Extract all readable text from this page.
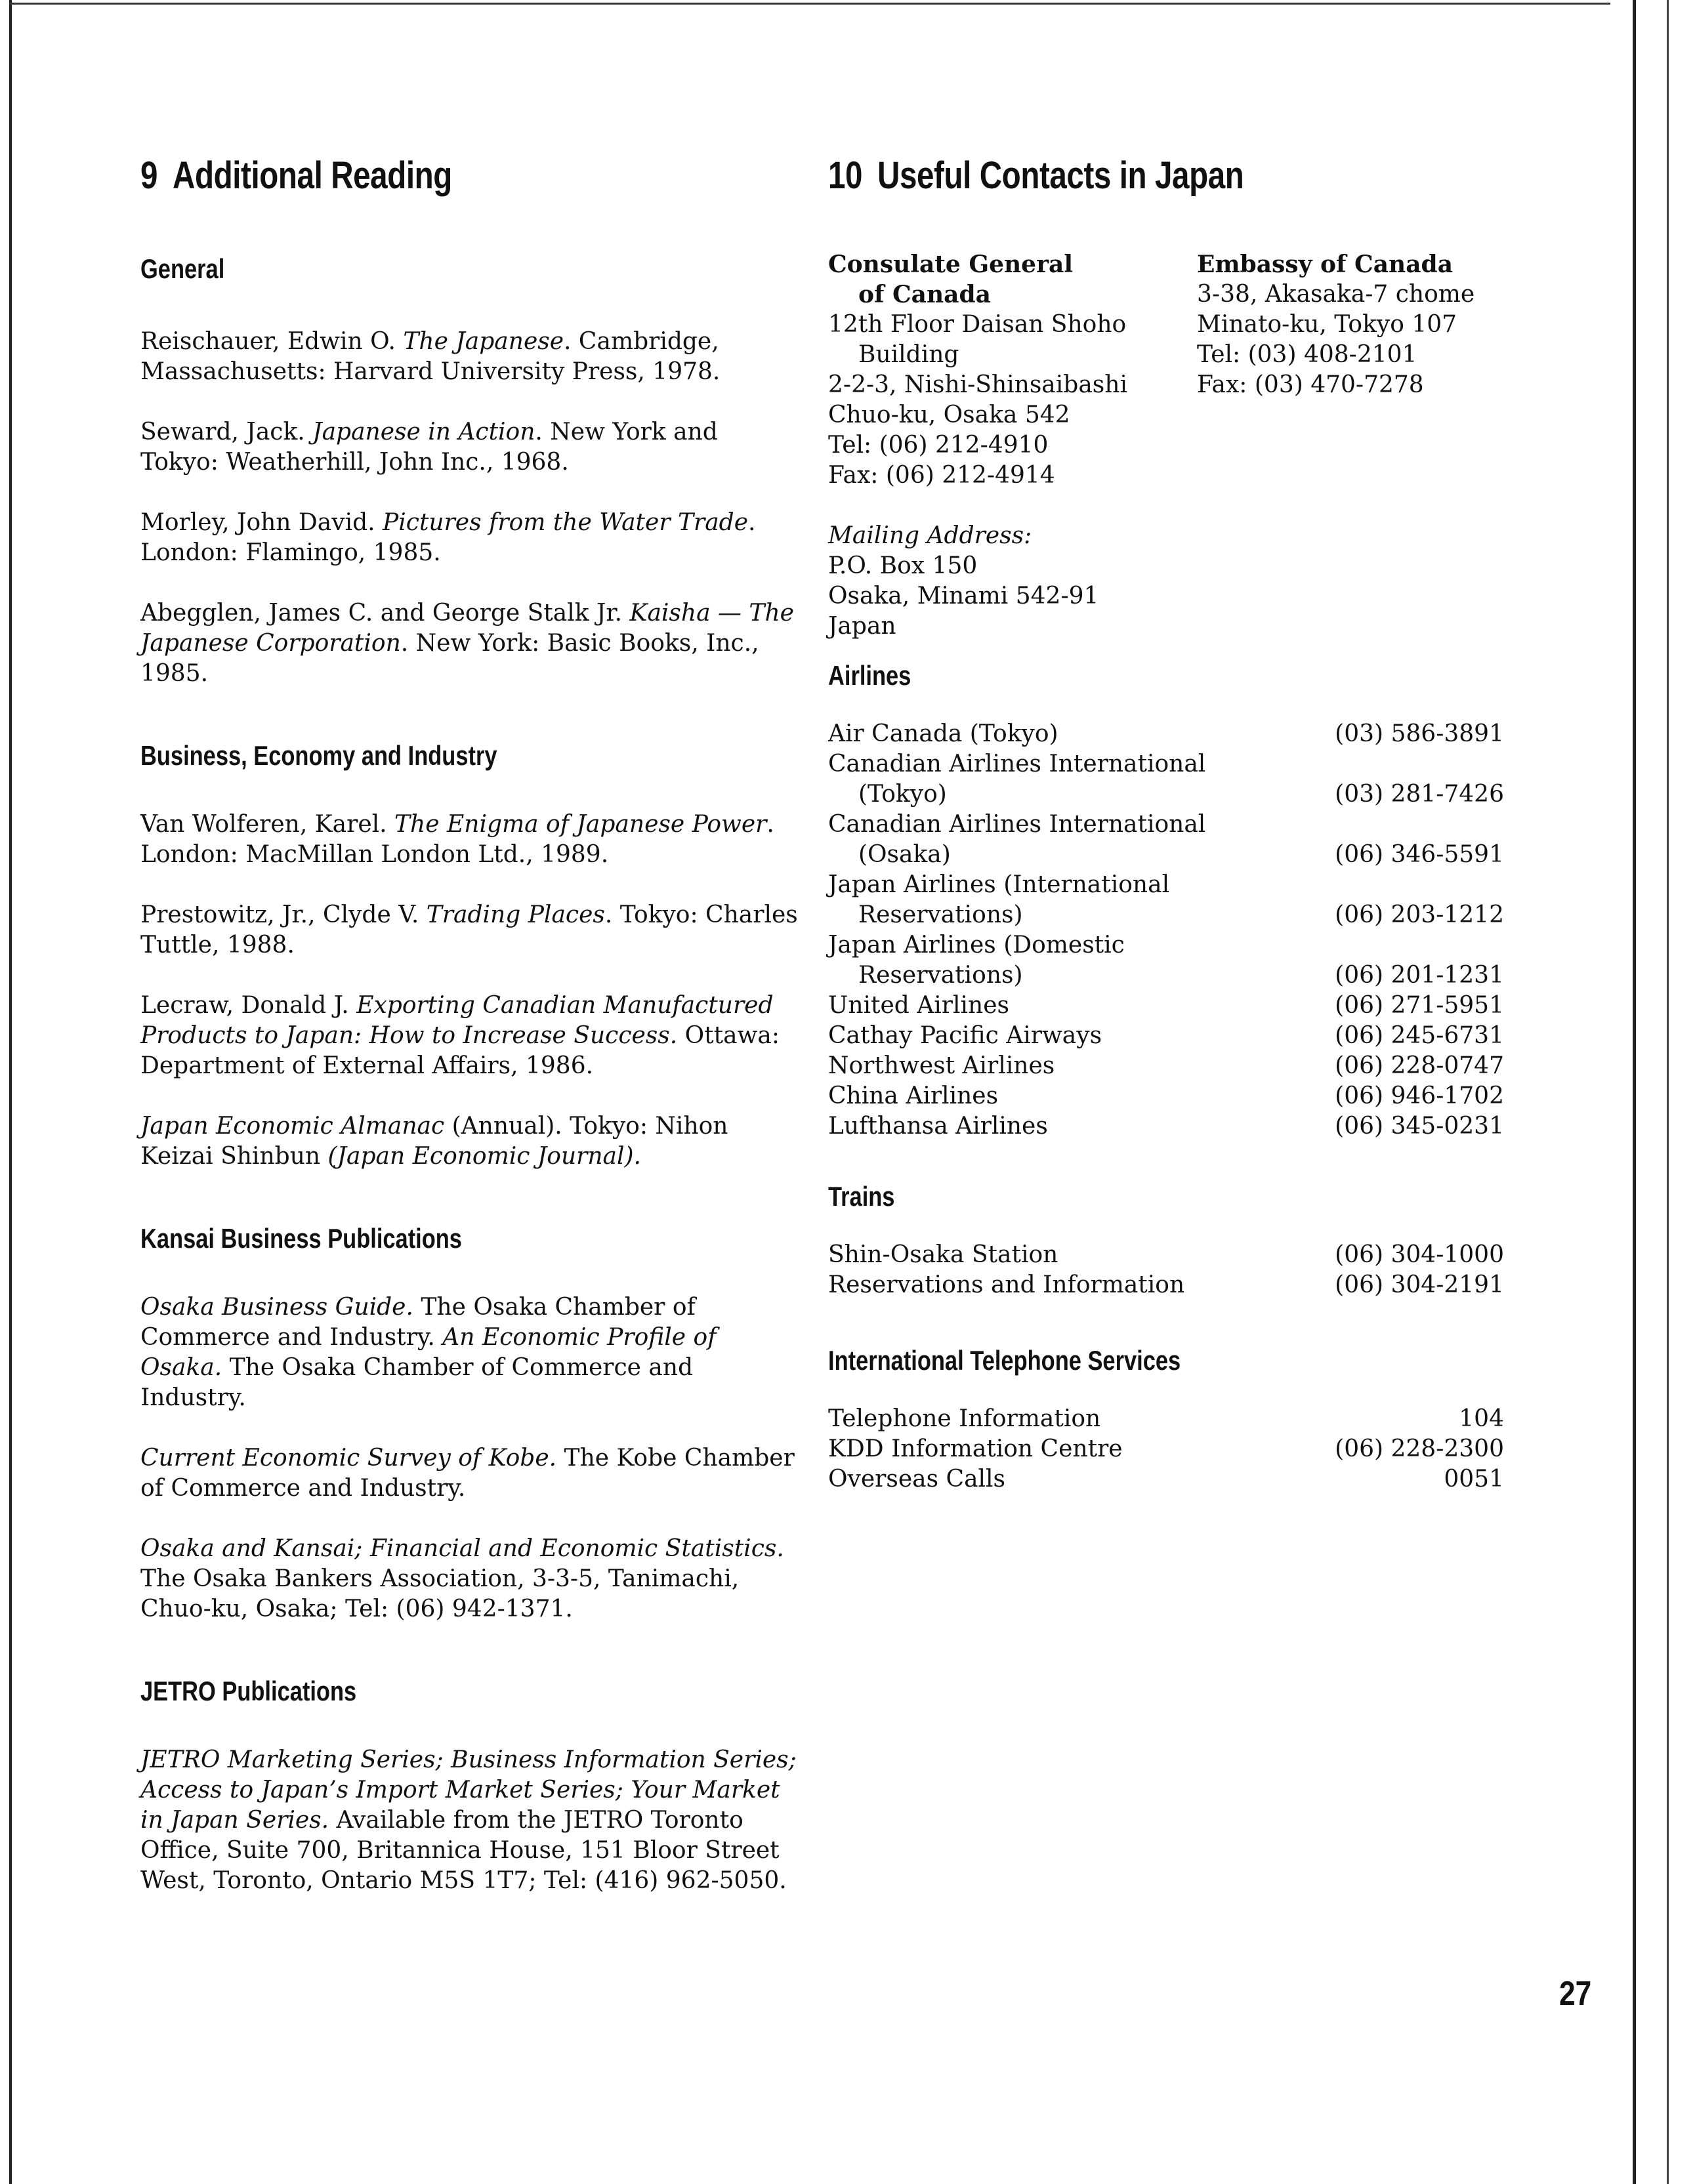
9 Additional Reading	10 Useful Contacts in Japan
General

Reischauer, Edwin O. The Japanese. Cambridge, Massachusetts: Harvard University Press, 1978.

Seward, Jack. Japanese in Action. New York and Tokyo: Weatherhill, John Inc., 1968.

Morley, John David. Pictures from the Water Trade. London: Flamingo, 1985.

Abegglen, James C. and George Stalk Jr. Kaisha — The Japanese Corporation. New York: Basic Books, Inc., 1985.

Business, Economy and Industry

Van Wolferen, Karel. The Enigma of Japanese Power. London: MacMillan London Ltd., 1989.

Prestowitz, Jr., Clyde V. Trading Places. Tokyo: Charles Tuttle, 1988.

Lecraw, Donald J. Exporting Canadian Manufactured Products to Japan: How to Increase Success. Ottawa: Department of External Affairs, 1986.

Japan Economic Almanac (Annual). Tokyo: Nihon Keizai Shinbun (Japan Economic Journal).

Kansai Business Publications

Osaka Business Guide. The Osaka Chamber of Commerce and Industry. An Economic Profile of Osaka. The Osaka Chamber of Commerce and Industry.

Current Economic Survey of Kobe. The Kobe Chamber of Commerce and Industry.

Osaka and Kansai; Financial and Economic Statistics. The Osaka Bankers Association, 3-3-5, Tanimachi, Chuo-ku, Osaka; Tel: (06) 942-1371.

JETRO Publications

JETRO Marketing Series; Business Information Series; Access to Japan’s Import Market Series; Your Market in Japan Series. Available from the JETRO Toronto Office, Suite 700, Britannica House, 151 Bloor Street West, Toronto, Ontario M5S 1T7; Tel: (416) 962-5050.

Consulate General
of Canada
12th Floor Daisan Shoho
Building
2-2-3, Nishi-Shinsaibashi
Chuo-ku, Osaka 542
Tel: (06) 212-4910
Fax: (06) 212-4914
Mailing Address:
P.O. Box 150
Osaka, Minami 542-91
Japan
Embassy of Canada
3-38, Akasaka-7 chome
Minato-ku, Tokyo 107
Tel: (03) 408-2101
Fax: (03) 470-7278
Airlines
Air Canada (Tokyo)	(03) 586-3891
Canadian Airlines International
(Tokyo)	(03) 281-7426
Canadian Airlines International
(Osaka)	(06) 346-5591
Japan Airlines (International
Reservations)	(06) 203-1212
Japan Airlines (Domestic
Reservations)	(06) 201-1231
United Airlines	(06) 271-5951
Cathay Pacific Airways	(06) 245-6731
Northwest Airlines	(06) 228-0747
China Airlines	(06) 946-1702
Lufthansa Airlines	(06) 345-0231
Trains
Shin-Osaka Station	(06) 304-1000
Reservations and Information	(06) 304-2191
International Telephone Services
Telephone Information	104
KDD Information Centre	(06) 228-2300
Overseas Calls	0051
27
